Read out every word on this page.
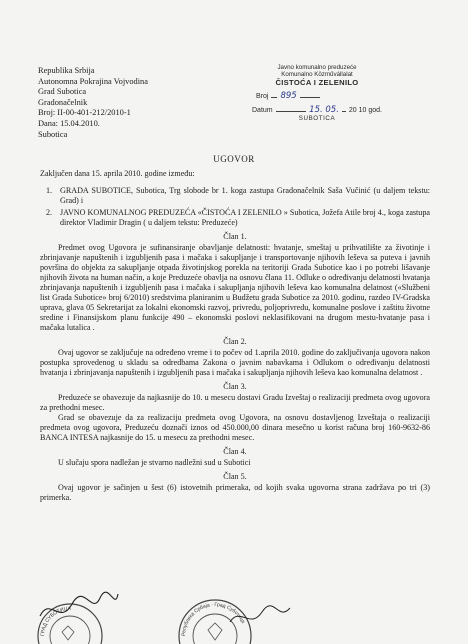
Republika Srbija
Autonomna Pokrajina Vojvodina
Grad Subotica
Gradonačelnik
Broj: II-00-401-212/2010-1
Dana: 15.04.2010.
Subotica
Javno komunalno preduzeće
Komunalno Közművállalat
ČISTOĆA I ZELENILO
Broj 895
Datum	15. 05. 20 10 god.
SUBOTICA
UGOVOR

Zaključen dana 15. aprila 2010. godine između:

1. GRADA SUBOTICE, Subotica, Trg slobode br 1. koga zastupa Gradonačelnik Saša Vučinić (u daljem tekstu: Grad) i
2. JAVNO KOMUNALNOG PREDUZEĆA «ČISTOĆA I ZELENILO » Subotica, Jožefa Atile broj 4., koga zastupa direktor Vladimir Dragin ( u daljem tekstu: Preduzeće)
Član 1.

Predmet ovog Ugovora je sufinansiranje obavljanje delatnosti: hvatanje, smeštaj u prihvatilište za životinje i zbrinjavanje napuštenih i izgubljenih pasa i mačaka i sakupljanje i transportovanje njihovih leševa sa puteva i javnih površina do objekta za sakupljanje otpada životinjskog porekla na teritoriji Grada Subotice kao i po potrebi lišavanje njihovih života na human način, a koje Preduzeće obavlja na osnovu člana 11. Odluke o određivanju delatnosti hvatanja zbrinjavanja napuštenih i izgubljenih pasa i mačaka i sakupljanja njihovih leševa kao komunalna delatnost («Službeni list Grada Subotice» broj 6/2010) sredstvima planiranim u Budžetu grada Subotice za 2010. godinu, razdeo IV-Gradska uprava, glava 05 Sekretarijat za lokalni ekonomski razvoj, privredu, poljoprivredu, komunalne poslove i zaštitu životne sredine i Finansijskom planu funkcije 490 – ekonomski poslovi neklasifikovani na drugom mestu-hvatanje pasa i mačaka lutalica .

Član 2.

Ovaj ugovor se zaključuje na određeno vreme i to počev od 1.aprila 2010. godine do zaključivanja ugovora nakon postupka sprovedenog u skladu sa odredbama Zakona o javnim nabavkama i Odlukom o određivanju delatnosti hvatanja i zbrinjavanja napuštenih i izgubljenih pasa i mačaka i sakupljanja njihovih leševa kao komunalna delatnost .

Član 3.

Preduzeće se obavezuje da najkasnije do 10. u mesecu dostavi Gradu Izveštaj o realizaciji predmeta ovog ugovora za prethodni mesec.

Grad se obavezuje da za realizaciju predmeta ovog Ugovora, na osnovu dostavljenog Izveštaja o realizaciji predmeta ovog ugovora, Preduzeću doznači iznos od 450.000,00 dinara mesečno u korist računa broj 160-9632-86 BANCA INTESA najkasnije do 15. u mesecu za prethodni mesec.

Član 4.

U slučaju spora nadležan je stvarno nadležni sud u Subotici

Član 5.

Ovaj ugovor je sačinjen u šest (6) istovetnih primeraka, od kojih svaka ugovorna strana zadržava po tri (3) primerka.

ГРАД СУБОТИЦА
Република Србија · Град Суботица
